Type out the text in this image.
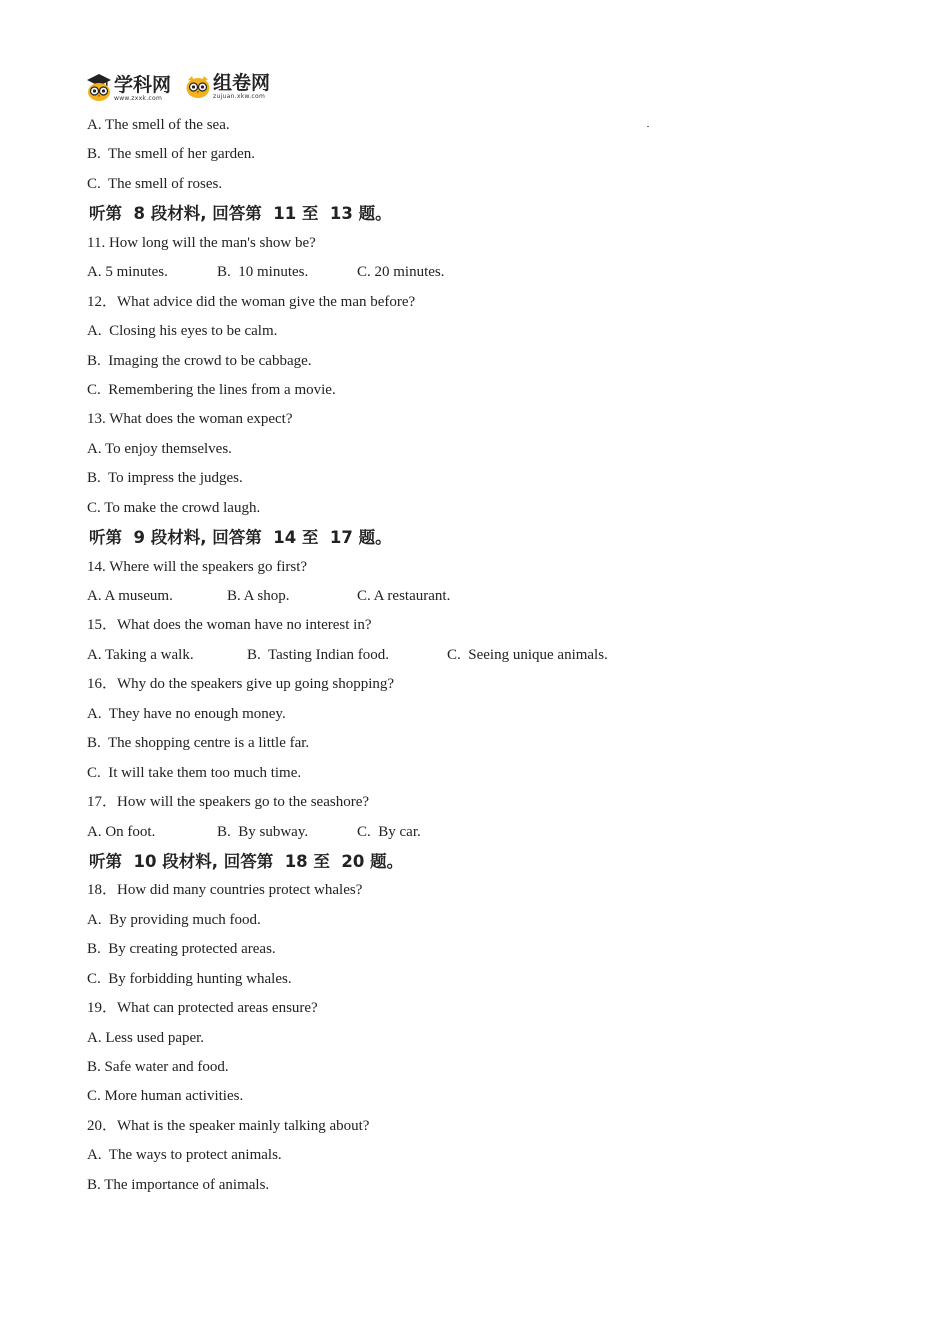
学科网
www.zxxk.com
组卷网
zujuan.xkw.com
A. The smell of the sea.
B.  The smell of her garden.
C.  The smell of roses.
听第  8 段材料, 回答第  11 至  13 题。
11. How long will the man's show be?
A. 5 minutes.	B.  10 minutes.	C. 20 minutes.
12．What advice did the woman give the man before?
A.  Closing his eyes to be calm.
B.  Imaging the crowd to be cabbage.
C.  Remembering the lines from a movie.
13. What does the woman expect?
A. To enjoy themselves.
B.  To impress the judges.
C. To make the crowd laugh.
听第  9 段材料, 回答第  14 至  17 题。
14. Where will the speakers go first?
A. A museum.	B. A shop.	C. A restaurant.
15．What does the woman have no interest in?
A. Taking a walk.	B.  Tasting Indian food.	C.  Seeing unique animals.
16．Why do the speakers give up going shopping?
A.  They have no enough money.
B.  The shopping centre is a little far.
C.  It will take them too much time.
17．How will the speakers go to the seashore?
A. On foot.	B.  By subway.	C.  By car.
听第  10 段材料, 回答第  18 至  20 题。
18．How did many countries protect whales?
A.  By providing much food.
B.  By creating protected areas.
C.  By forbidding hunting whales.
19．What can protected areas ensure?
A. Less used paper.
B. Safe water and food.
C. More human activities.
20．What is the speaker mainly talking about?
A.  The ways to protect animals.
B. The importance of animals.
